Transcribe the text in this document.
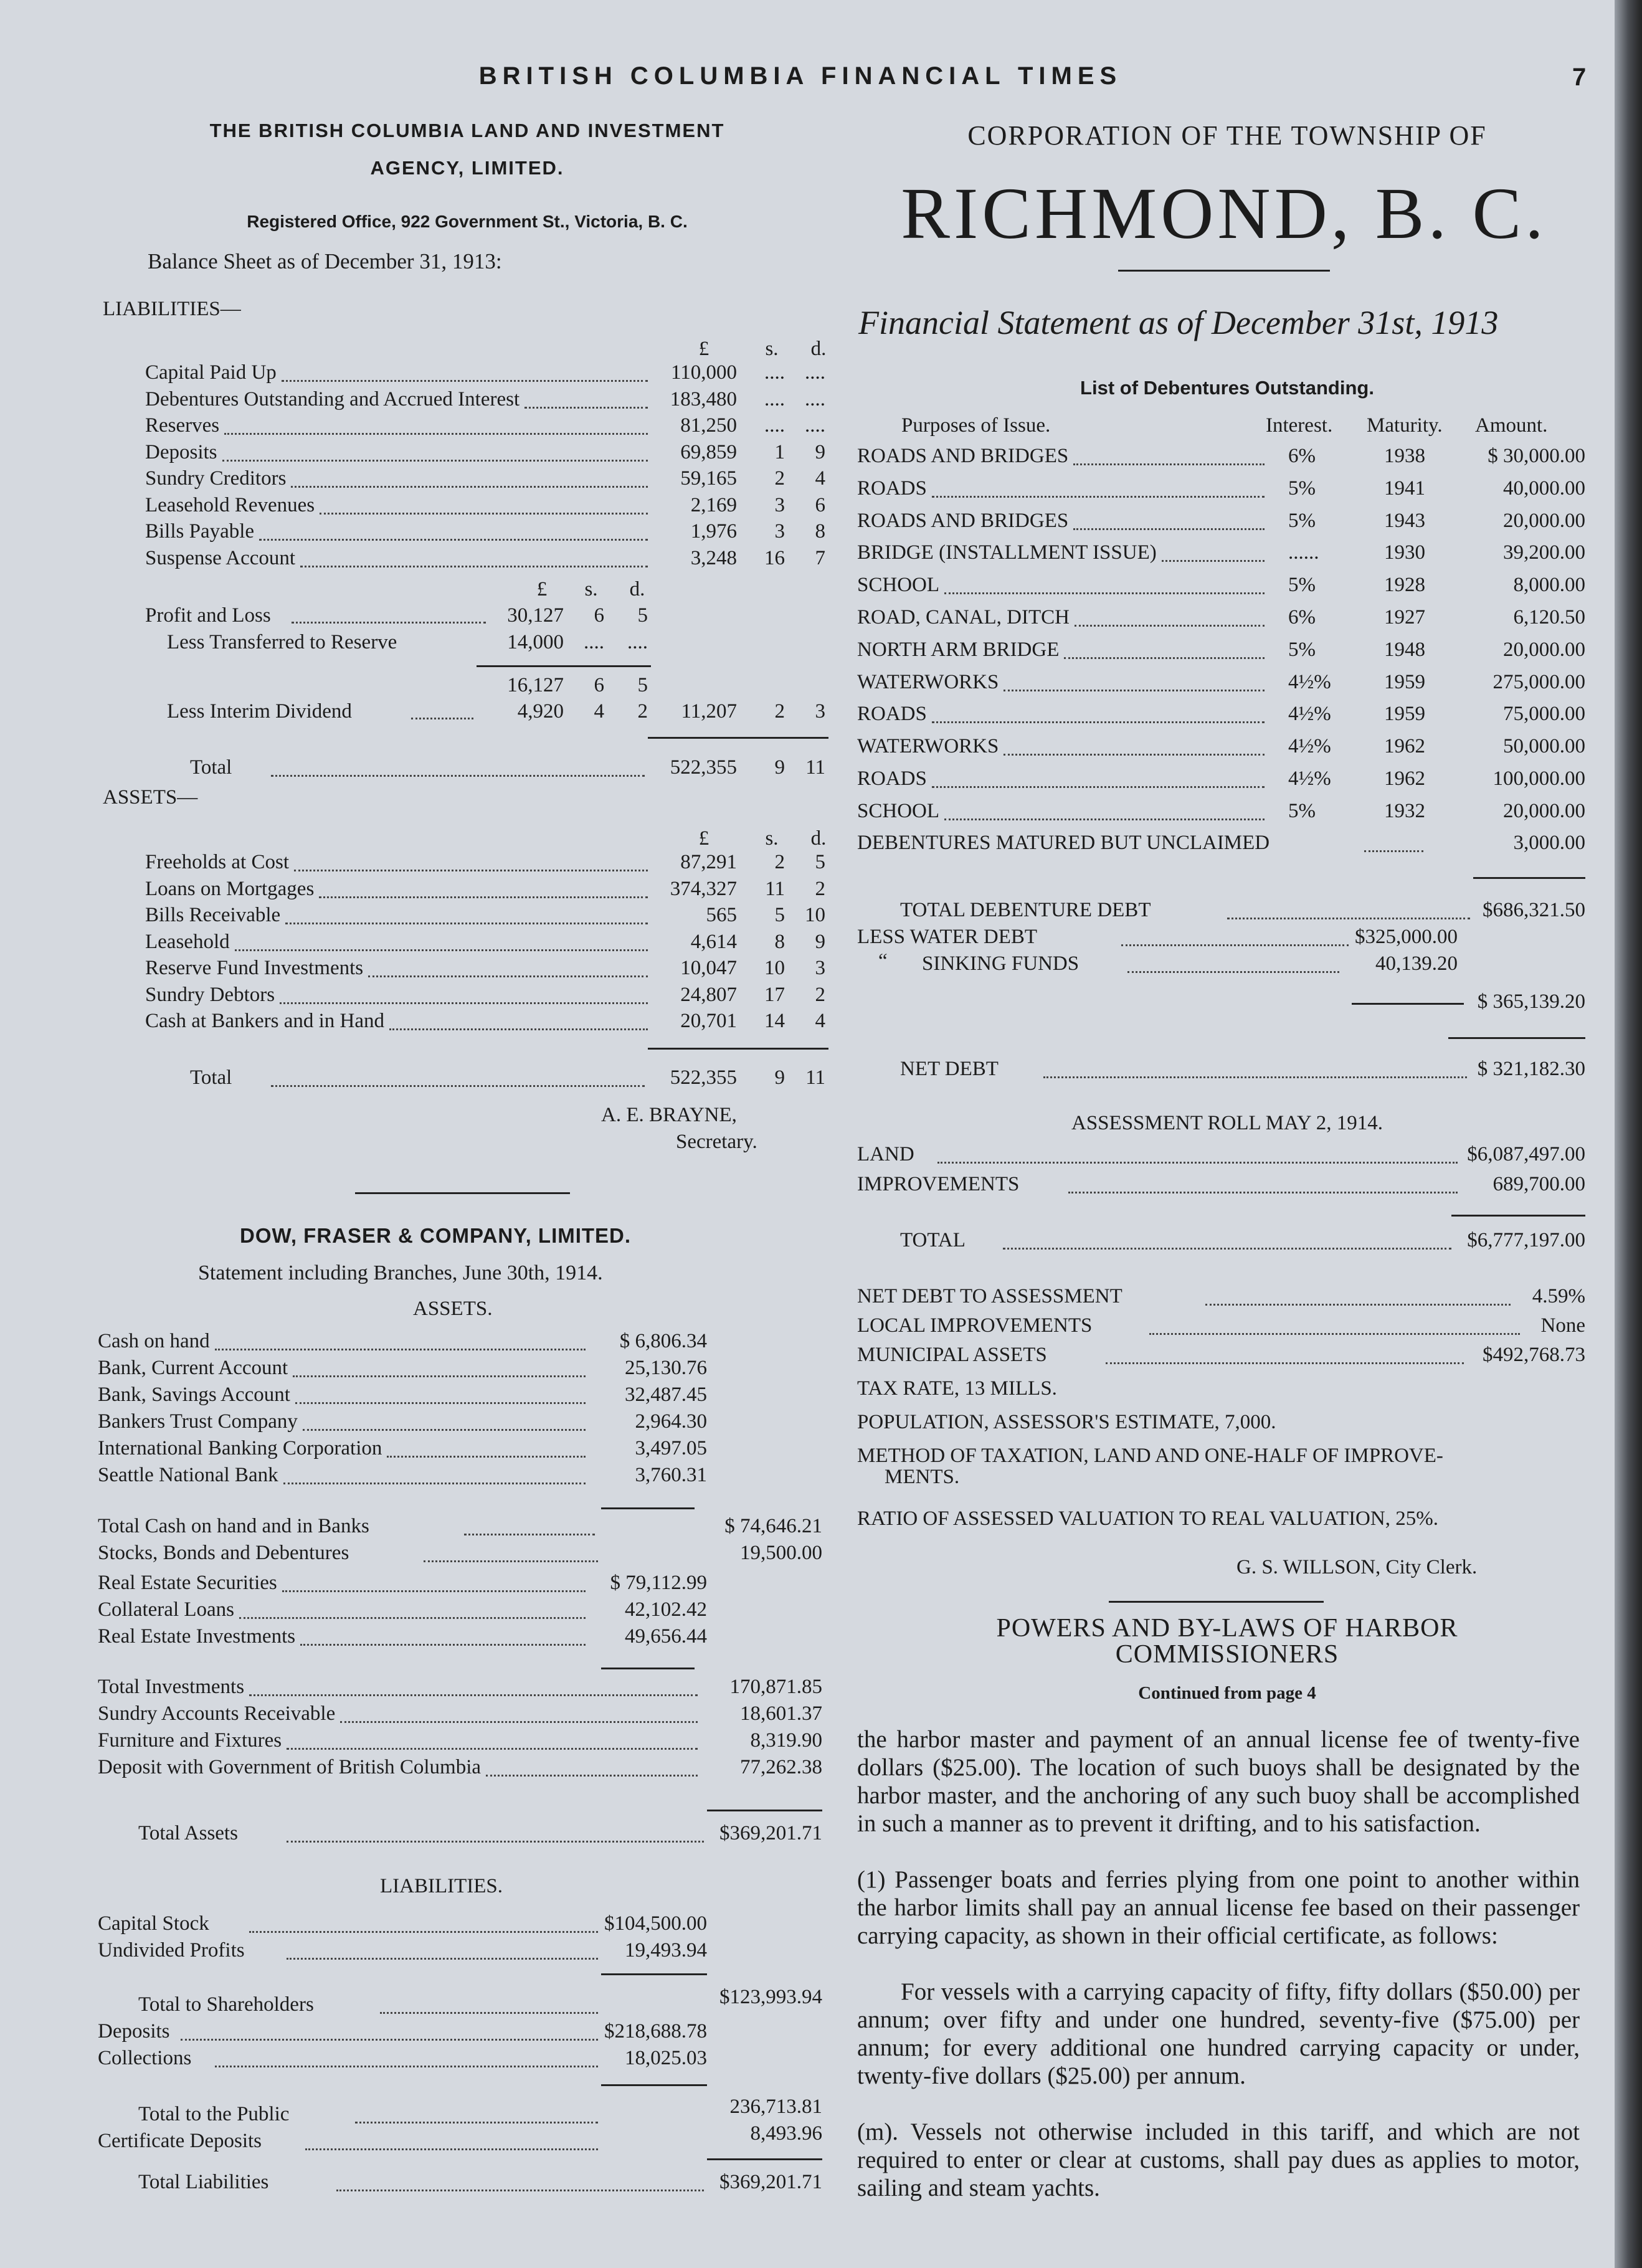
BRITISH COLUMBIA FINANCIAL TIMES	7
THE BRITISH COLUMBIA LAND AND INVESTMENT
AGENCY, LIMITED.
Registered Office, 922 Government St., Victoria, B. C.
Balance Sheet as of December 31, 1913:
LIABILITIES—
£	s.	d.
Capital Paid Up	110,000	.... ....
Debentures Outstanding and Accrued Interest	183,480	.... ....
Reserves	81,250	.... ....
Deposits	69,859	1	9
Sundry Creditors	59,165	2	4
Leasehold Revenues	2,169	3	6
Bills Payable	1,976	3	8
Suspense Account	3,248	16	7
£	s.	d.
Profit and Loss	30,127	6	5
Less Transferred to Reserve	14,000 ....	....
16,127	6	5
Less Interim Dividend	4,920	4	2	11,207	2	3
Total	522,355	9	11
ASSETS—
£	s.	d.
Freeholds at Cost	87,291	2	5
Loans on Mortgages	374,327	11	2
Bills Receivable	565	5 10
Leasehold	4,614	8	9
Reserve Fund Investments	10,047	10	3
Sundry Debtors	24,807	17	2
Cash at Bankers and in Hand	20,701	14	4
Total	522,355	9	11
A. E. BRAYNE,
Secretary.
DOW, FRASER & COMPANY, LIMITED.
Statement including Branches, June 30th, 1914.
ASSETS.
Cash on hand	$ 6,806.34
Bank, Current Account	25,130.76
Bank, Savings Account	32,487.45
Bankers Trust Company	2,964.30
International Banking Corporation	3,497.05
Seattle National Bank	3,760.31
Total Cash on hand and in Banks	$ 74,646.21
Stocks, Bonds and Debentures	19,500.00
Real Estate Securities	$ 79,112.99
Collateral Loans	42,102.42
Real Estate Investments	49,656.44
Total Investments	170,871.85
Sundry Accounts Receivable	18,601.37
Furniture and Fixtures	8,319.90
Deposit with Government of British Columbia	77,262.38
Total Assets	$369,201.71
LIABILITIES.
Capital Stock	$104,500.00
Undivided Profits	19,493.94
Total to Shareholders	$123,993.94
Deposits	$218,688.78
Collections	18,025.03
Total to the Public	236,713.81
Certificate Deposits	8,493.96
Total Liabilities	$369,201.71
CORPORATION OF THE TOWNSHIP OF
RICHMOND, B. C.
Financial Statement as of December 31st, 1913
List of Debentures Outstanding.
Purposes of Issue.	Interest. Maturity. Amount.
ROADS AND BRIDGES	6%	1938	$ 30,000.00
ROADS	5%	1941	40,000.00
ROADS AND BRIDGES	5%	1943	20,000.00
BRIDGE (INSTALLMENT ISSUE)	......	1930	39,200.00
SCHOOL	5%	1928	8,000.00
ROAD, CANAL, DITCH	6%	1927	6,120.50
NORTH ARM BRIDGE	5%	1948	20,000.00
WATERWORKS	4½%	1959	275,000.00
ROADS	4½%	1959	75,000.00
WATERWORKS	4½%	1962	50,000.00
ROADS	4½%	1962	100,000.00
SCHOOL	5%	1932	20,000.00
DEBENTURES MATURED BUT UNCLAIMED	3,000.00
TOTAL DEBENTURE DEBT	$686,321.50
LESS WATER DEBT	$325,000.00
“ SINKING FUNDS	40,139.20
$ 365,139.20
NET DEBT	$ 321,182.30
ASSESSMENT ROLL MAY 2, 1914.
LAND	$6,087,497.00
IMPROVEMENTS	689,700.00
TOTAL	$6,777,197.00
NET DEBT TO ASSESSMENT	4.59%
LOCAL IMPROVEMENTS	None
MUNICIPAL ASSETS	$492,768.73
TAX RATE, 13 MILLS.
POPULATION, ASSESSOR'S ESTIMATE, 7,000.
METHOD OF TAXATION, LAND AND ONE-HALF OF IMPROVE-
MENTS.
RATIO OF ASSESSED VALUATION TO REAL VALUATION, 25%.
G. S. WILLSON, City Clerk.
POWERS AND BY-LAWS OF HARBOR
COMMISSIONERS
Continued from page 4
the harbor master and payment of an annual license fee of twenty-five dollars ($25.00). The location of such buoys shall be designated by the harbor master, and the anchoring of any such buoy shall be accomplished in such a manner as to prevent it drifting, and to his satisfaction.
(1) Passenger boats and ferries plying from one point to another within the harbor limits shall pay an annual license fee based on their passenger carrying capacity, as shown in their official certificate, as follows:
For vessels with a carrying capacity of fifty, fifty dollars ($50.00) per annum; over fifty and under one hundred, seventy-five ($75.00) per annum; for every additional one hundred carrying capacity or under, twenty-five dollars ($25.00) per annum.
(m). Vessels not otherwise included in this tariff, and which are not required to enter or clear at customs, shall pay dues as applies to motor, sailing and steam yachts.
